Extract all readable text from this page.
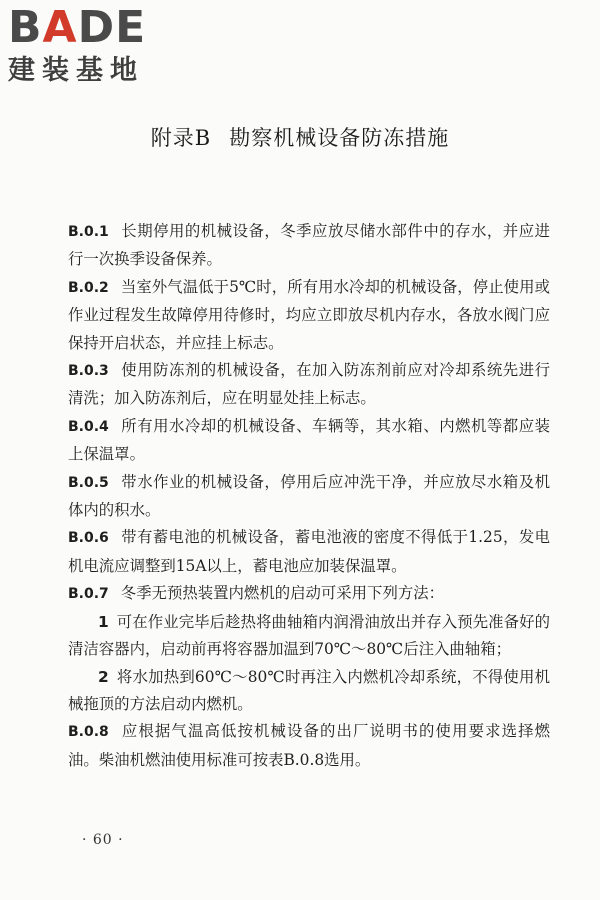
BADE
建装基地
附录B 勘察机械设备防冻措施

B.0.1 长期停用的机械设备，冬季应放尽储水部件中的存水，并应进行一次换季设备保养。

B.0.2 当室外气温低于5℃时，所有用水冷却的机械设备，停止使用或作业过程发生故障停用待修时，均应立即放尽机内存水，各放水阀门应保持开启状态，并应挂上标志。

B.0.3 使用防冻剂的机械设备，在加入防冻剂前应对冷却系统先进行清洗；加入防冻剂后，应在明显处挂上标志。

B.0.4 所有用水冷却的机械设备、车辆等，其水箱、内燃机等都应装上保温罩。

B.0.5 带水作业的机械设备，停用后应冲洗干净，并应放尽水箱及机体内的积水。

B.0.6 带有蓄电池的机械设备，蓄电池液的密度不得低于1.25，发电机电流应调整到15A以上，蓄电池应加装保温罩。

B.0.7 冬季无预热装置内燃机的启动可采用下列方法：

1 可在作业完毕后趁热将曲轴箱内润滑油放出并存入预先准备好的清洁容器内，启动前再将容器加温到70℃～80℃后注入曲轴箱；

2 将水加热到60℃～80℃时再注入内燃机冷却系统，不得使用机械拖顶的方法启动内燃机。

B.0.8 应根据气温高低按机械设备的出厂说明书的使用要求选择燃油。柴油机燃油使用标准可按表B.0.8选用。

· 60 ·
